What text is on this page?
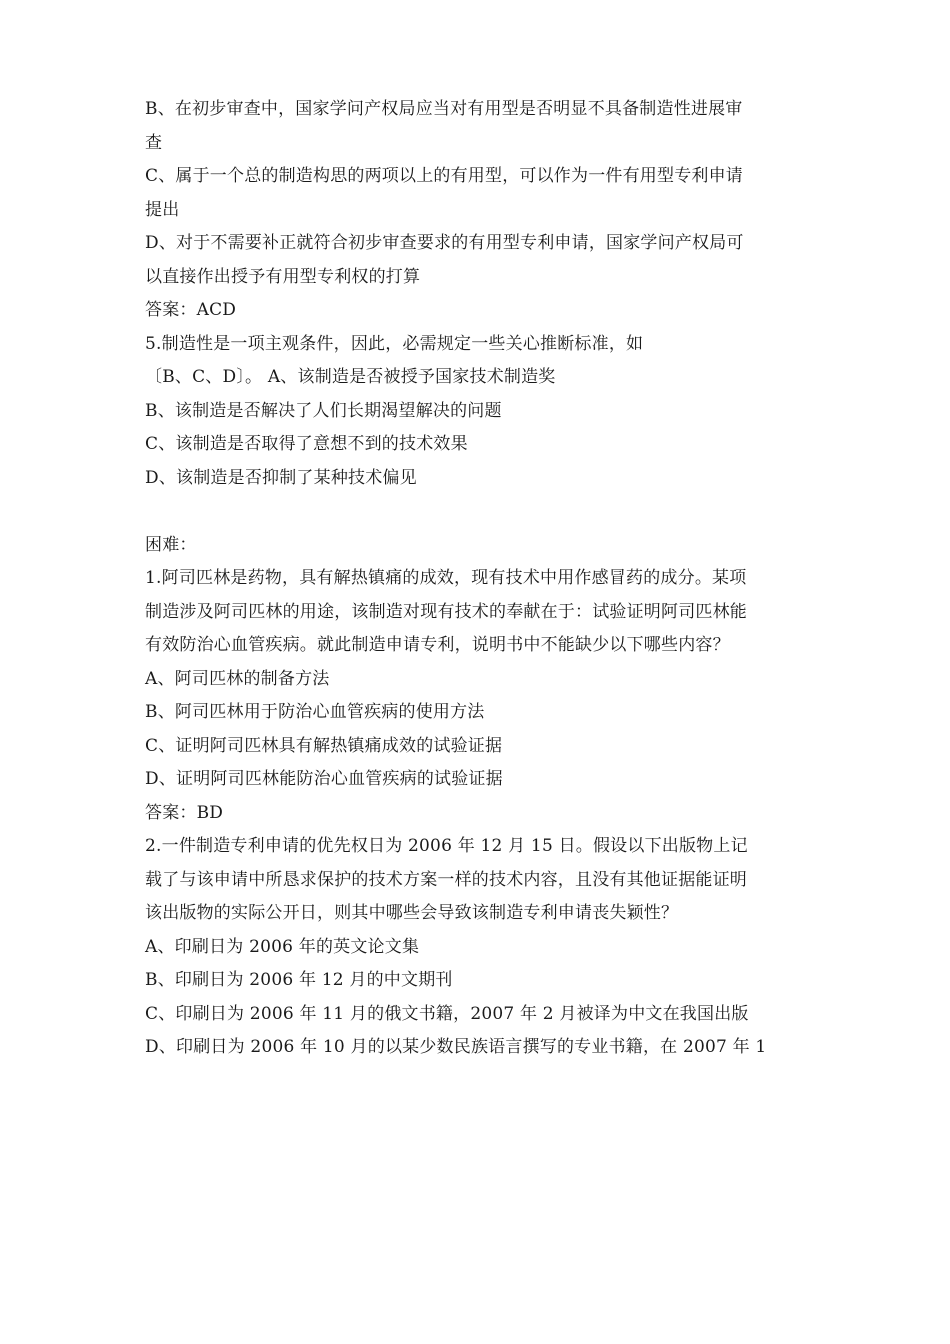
B、在初步审查中，国家学问产权局应当对有用型是否明显不具备制造性进展审
查
C、属于一个总的制造构思的两项以上的有用型，可以作为一件有用型专利申请
提出
D、对于不需要补正就符合初步审查要求的有用型专利申请，国家学问产权局可
以直接作出授予有用型专利权的打算
答案：ACD
5.制造性是一项主观条件，因此，必需规定一些关心推断标准，如
〔B、C、D〕。 A、该制造是否被授予国家技术制造奖
B、该制造是否解决了人们长期渴望解决的问题
C、该制造是否取得了意想不到的技术效果
D、该制造是否抑制了某种技术偏见
困难：
1.阿司匹林是药物，具有解热镇痛的成效，现有技术中用作感冒药的成分。某项
制造涉及阿司匹林的用途，该制造对现有技术的奉献在于：试验证明阿司匹林能
有效防治心血管疾病。就此制造申请专利，说明书中不能缺少以下哪些内容？
A、阿司匹林的制备方法
B、阿司匹林用于防治心血管疾病的使用方法
C、证明阿司匹林具有解热镇痛成效的试验证据
D、证明阿司匹林能防治心血管疾病的试验证据
答案：BD
2.一件制造专利申请的优先权日为 2006 年 12 月 15 日。假设以下出版物上记
载了与该申请中所恳求保护的技术方案一样的技术内容，且没有其他证据能证明
该出版物的实际公开日，则其中哪些会导致该制造专利申请丧失颖性？
A、印刷日为 2006 年的英文论文集
B、印刷日为 2006 年 12 月的中文期刊
C、印刷日为 2006 年 11 月的俄文书籍，2007 年 2 月被译为中文在我国出版
D、印刷日为 2006 年 10 月的以某少数民族语言撰写的专业书籍，在 2007 年 1
